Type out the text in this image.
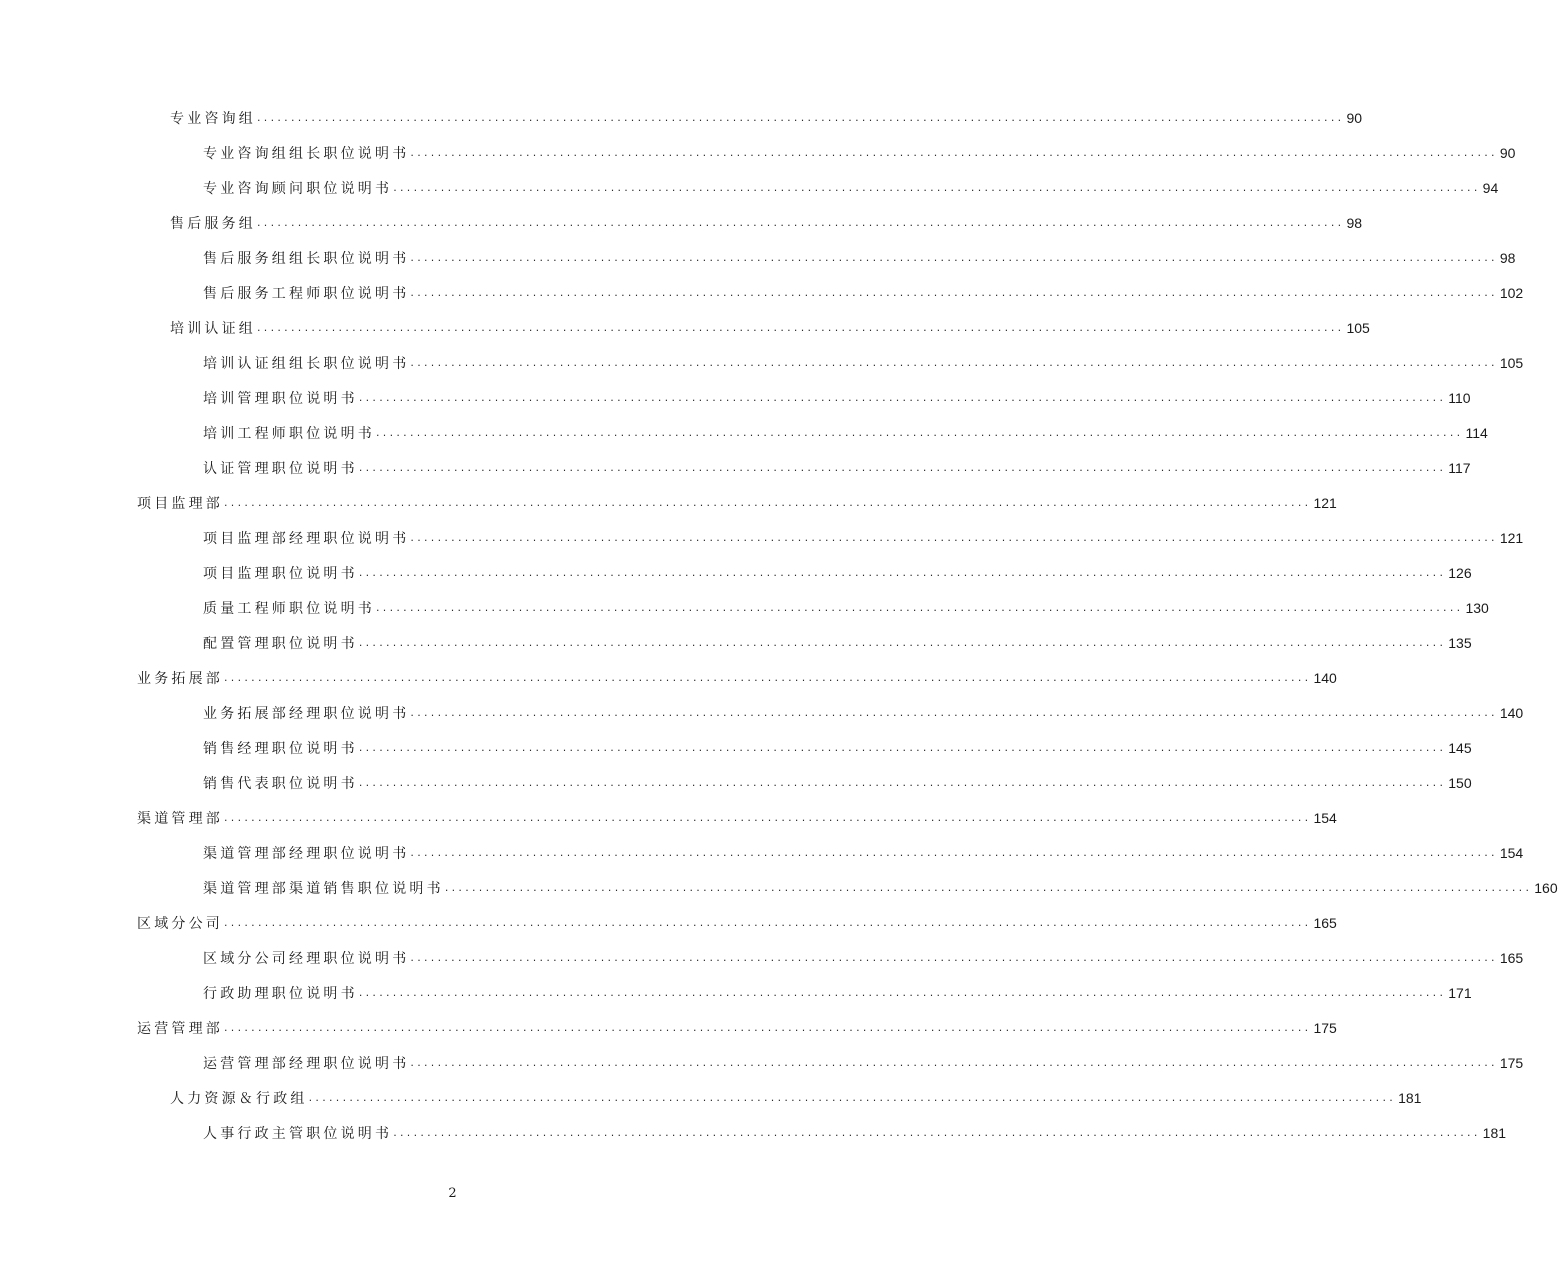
专业咨询组 ................................................................................................................................................................ 90
专业咨询组组长职位说明书 ................................................................................................................................................................ 90
专业咨询顾问职位说明书 ................................................................................................................................................................ 94
售后服务组 ................................................................................................................................................................ 98
售后服务组组长职位说明书 ................................................................................................................................................................ 98
售后服务工程师职位说明书 ................................................................................................................................................................ 102
培训认证组 ................................................................................................................................................................ 105
培训认证组组长职位说明书 ................................................................................................................................................................ 105
培训管理职位说明书 ................................................................................................................................................................ 110
培训工程师职位说明书 ................................................................................................................................................................ 114
认证管理职位说明书 ................................................................................................................................................................ 117
项目监理部 ................................................................................................................................................................ 121
项目监理部经理职位说明书 ................................................................................................................................................................ 121
项目监理职位说明书 ................................................................................................................................................................ 126
质量工程师职位说明书 ................................................................................................................................................................ 130
配置管理职位说明书 ................................................................................................................................................................ 135
业务拓展部 ................................................................................................................................................................ 140
业务拓展部经理职位说明书 ................................................................................................................................................................ 140
销售经理职位说明书 ................................................................................................................................................................ 145
销售代表职位说明书 ................................................................................................................................................................ 150
渠道管理部 ................................................................................................................................................................ 154
渠道管理部经理职位说明书 ................................................................................................................................................................ 154
渠道管理部渠道销售职位说明书 ................................................................................................................................................................ 160
区域分公司 ................................................................................................................................................................ 165
区域分公司经理职位说明书 ................................................................................................................................................................ 165
行政助理职位说明书 ................................................................................................................................................................ 171
运营管理部 ................................................................................................................................................................ 175
运营管理部经理职位说明书 ................................................................................................................................................................ 175
人力资源＆行政组 ................................................................................................................................................................ 181
人事行政主管职位说明书 ................................................................................................................................................................ 181
2
